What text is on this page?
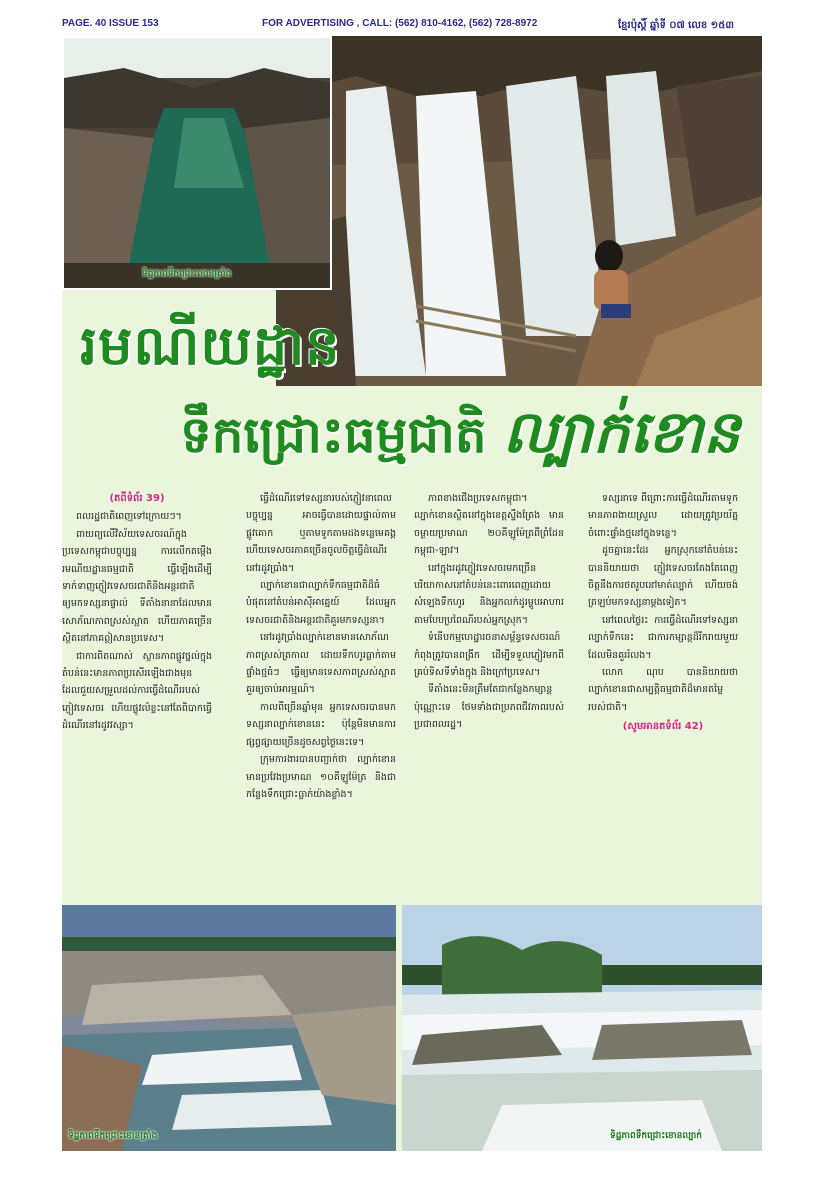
PAGE. 40 ISSUE 153	FOR ADVERTISING , CALL: (562) 810-4162, (562) 728-8972	ខ្មែរប៉ុស្តិ៍ ឆ្នាំទី ០៧ លេខ ១៥៣
ទិដ្ឋភាពទឹកជ្រោះខោនត្រាំង
រមណីយដ្ឋាន
ទឹកជ្រោះធម្មជាតិ ល្បាក់ខោន
(តពីទំព័រ 39)

ពលរដ្ឋជាតិពេញទៅក្រោយៗ។

ពាយព្យលើវិស័យទេសចរណ៍ក្នុងប្រទេសកម្ពុជាបច្ចុប្បន្ន ការលើកតម្កើងរមណីយដ្ឋានធម្មជាតិ ធ្វើឡើងដើម្បីទាក់ទាញភ្ញៀវទេសចរជាតិនិងអន្តរជាតិ ឲ្យមកទស្សនាផ្ទាល់ ទីតាំងនានាដែលមានសោភ័ណភាពស្រស់ស្អាត ហើយភាគច្រើនស្ថិតនៅភាគឦសានប្រទេស។

ជាការពិតណាស់ ស្ថានភាពផ្លូវថ្នល់ក្នុងតំបន់នេះមានភាពប្រសើរឡើងជាងមុន ដែលជួយសម្រួលដល់ការធ្វើដំណើររបស់ភ្ញៀវទេសចរ ហើយផ្លូវលំខ្លះនៅតែពិបាកធ្វើដំណើរនៅរដូវវស្សា។

ធ្វើដំណើរទៅទស្សនារបស់ភ្ញៀវនាពេលបច្ចុប្បន្ន អាចធ្វើបានដោយផ្ទាល់តាមផ្លូវគោក ឬតាមទូកតាមដងទន្លេមេគង្គ ហើយទេសចរភាគច្រើនចូលចិត្តធ្វើដំណើរនៅរដូវប្រាំង។

ល្បាក់ខោនជាល្បាក់ទឹកធម្មជាតិដ៏ធំបំផុតនៅតំបន់អាស៊ីអាគ្នេយ៍ ដែលអ្នកទេសចរជាតិនិងអន្តរជាតិគួរមកទស្សនា។

នៅរដូវប្រាំងល្បាក់ខោនមានសោភ័ណភាពស្រស់ត្រកាល ដោយទឹកហូរធ្លាក់តាមផ្ទាំងថ្មធំៗ ធ្វើឲ្យមានទេសភាពស្រស់ស្អាតគួរឲ្យចាប់អារម្មណ៍។

កាលពីច្រើនឆ្នាំមុន អ្នកទេសចរបានមកទស្សនាល្បាក់ខោននេះ ប៉ុន្តែមិនមានការផ្សព្វផ្សាយច្រើនដូចសព្វថ្ងៃនេះទេ។

ក្រុមការងារបានបញ្ជាក់ថា ល្បាក់ខោនមានប្រវែងប្រមាណ ១០គីឡូម៉ែត្រ និងជាកន្លែងទឹកជ្រោះធ្លាក់យ៉ាងខ្លាំង។

ភាពខាងជើងប្រទេសកម្ពុជា។ ល្បាក់ខោនស្ថិតនៅក្នុងខេត្តស្ទឹងត្រែង មានចម្ងាយប្រមាណ ២០គីឡូម៉ែត្រពីព្រំដែនកម្ពុជា-ឡាវ។

នៅក្នុងរដូវភ្ញៀវទេសចរមកច្រើន បរិយាកាសនៅតំបន់នេះពោរពេញដោយសំឡេងទឹកហូរ និងអ្នកលក់ដូរម្ហូបអាហារតាមបែបប្រពៃណីរបស់អ្នកស្រុក។

ទំនើបកម្មហេដ្ឋារចនាសម្ព័ន្ធទេសចរណ៍កំពុងត្រូវបានពង្រីក ដើម្បីទទួលភ្ញៀវមកពីគ្រប់ទិសទីទាំងក្នុង និងក្រៅប្រទេស។

ទីតាំងនេះមិនត្រឹមតែជាកន្លែងកម្សាន្តប៉ុណ្ណោះទេ ថែមទាំងជាប្រភពជីវភាពរបស់ប្រជាពលរដ្ឋ។

ទស្សនាទេ ពីព្រោះការធ្វើដំណើរតាមទូកមានភាពងាយស្រួល ដោយត្រូវប្រយ័ត្នចំពោះផ្ទាំងថ្មនៅក្នុងទន្លេ។

ដូចគ្នានេះដែរ អ្នកស្រុកនៅតំបន់នេះបាននិយាយថា ភ្ញៀវទេសចរតែងតែពេញចិត្តនឹងការថតរូបនៅមាត់ល្បាក់ ហើយចង់ត្រឡប់មកទស្សនាម្តងទៀត។

នៅពេលថ្ងៃរះ ការធ្វើដំណើរទៅទស្សនាល្បាក់ទឹកនេះ ជាការកម្សាន្តដ៏រីករាយមួយ ដែលមិនគួររំលង។

លោក ណុប បាននិយាយថា ល្បាក់ខោនជាសម្បត្តិធម្មជាតិដ៏មានតម្លៃរបស់ជាតិ។

(សូមអានតទំព័រ 42)
ទិដ្ឋភាពទឹកជ្រោះខោនត្រាំង	ទិដ្ឋភាពទឹកជ្រោះខោនល្បាក់
